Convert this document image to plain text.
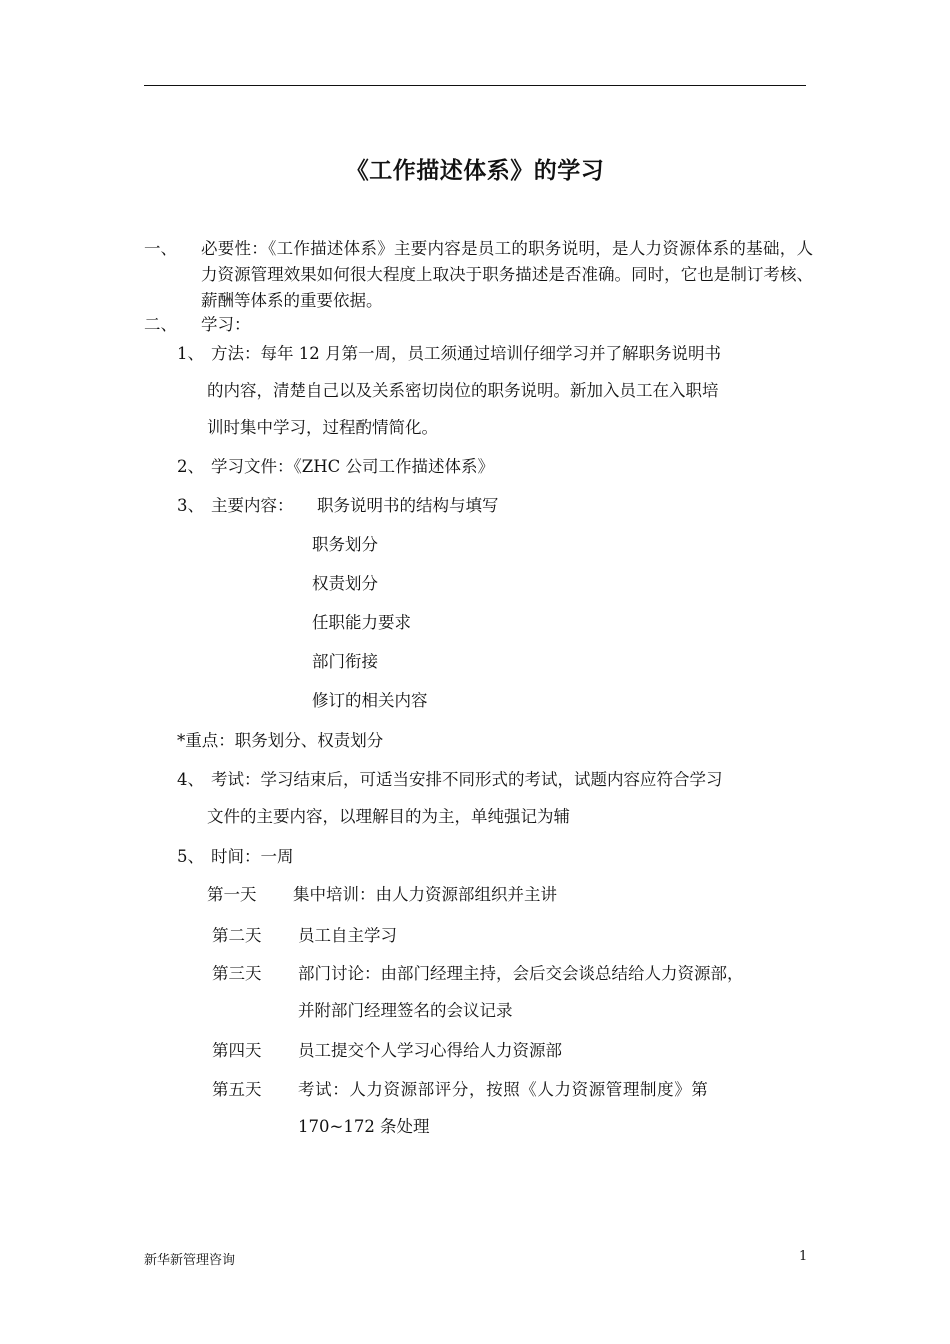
《工作描述体系》的学习
一、 必要性：《工作描述体系》主要内容是员工的职务说明，是人力资源体系的基础，人力资源管理效果如何很大程度上取决于职务描述是否准确。同时，它也是制订考核、薪酬等体系的重要依据。
二、 学习：
1、 方法：每年 12 月第一周，员工须通过培训仔细学习并了解职务说明书
的内容，清楚自己以及关系密切岗位的职务说明。新加入员工在入职培
训时集中学习，过程酌情简化。
2、 学习文件：《ZHC 公司工作描述体系》
3、 主要内容： 职务说明书的结构与填写
职务划分
权责划分
任职能力要求
部门衔接
修订的相关内容
*重点：职务划分、权责划分
4、 考试：学习结束后，可适当安排不同形式的考试，试题内容应符合学习
文件的主要内容，以理解目的为主，单纯强记为辅
5、 时间：一周
第一天 集中培训：由人力资源部组织并主讲
第二天 员工自主学习
第三天 部门讨论：由部门经理主持，会后交会谈总结给人力资源部，
并附部门经理签名的会议记录
第四天 员工提交个人学习心得给人力资源部
第五天 考试：人力资源部评分，按照《人力资源管理制度》第
170~172 条处理
新华新管理咨询	1
